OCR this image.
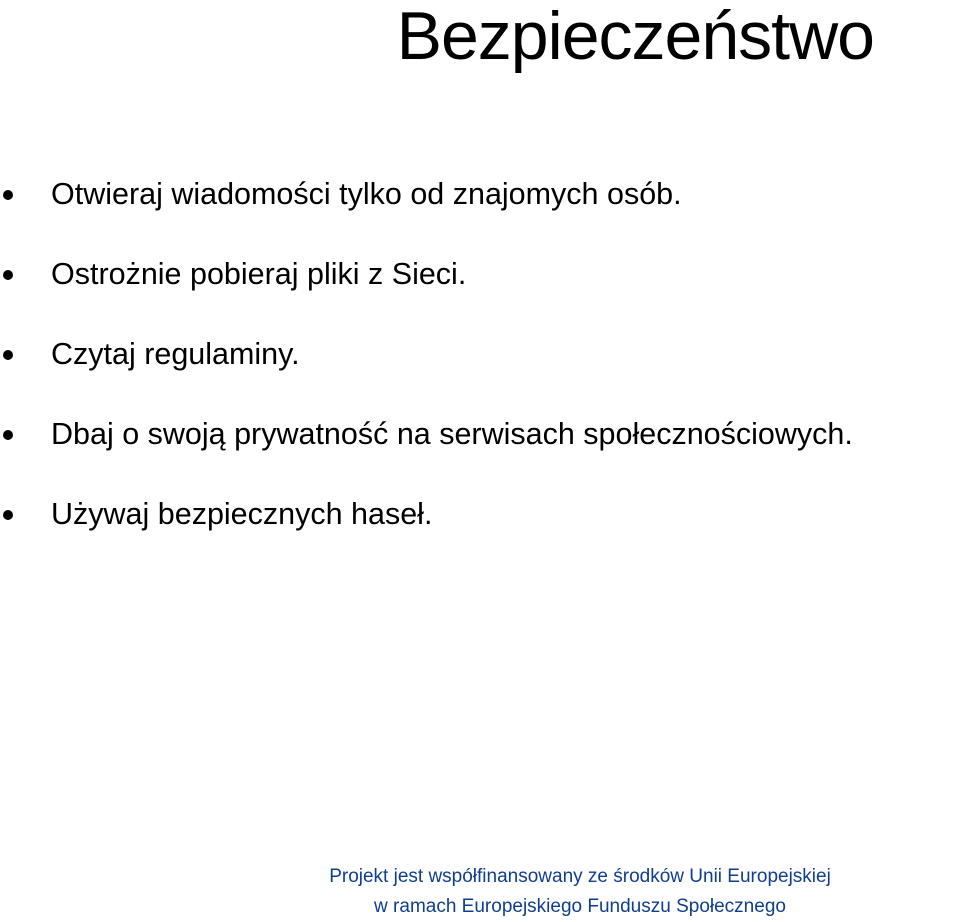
Bezpieczeństwo
Otwieraj wiadomości tylko od znajomych osób.
Ostrożnie pobieraj pliki z Sieci.
Czytaj regulaminy.
Dbaj o swoją prywatność na serwisach społecznościowych.
Używaj bezpiecznych haseł.
Projekt jest współfinansowany ze środków Unii Europejskiej
w ramach Europejskiego Funduszu Społecznego
